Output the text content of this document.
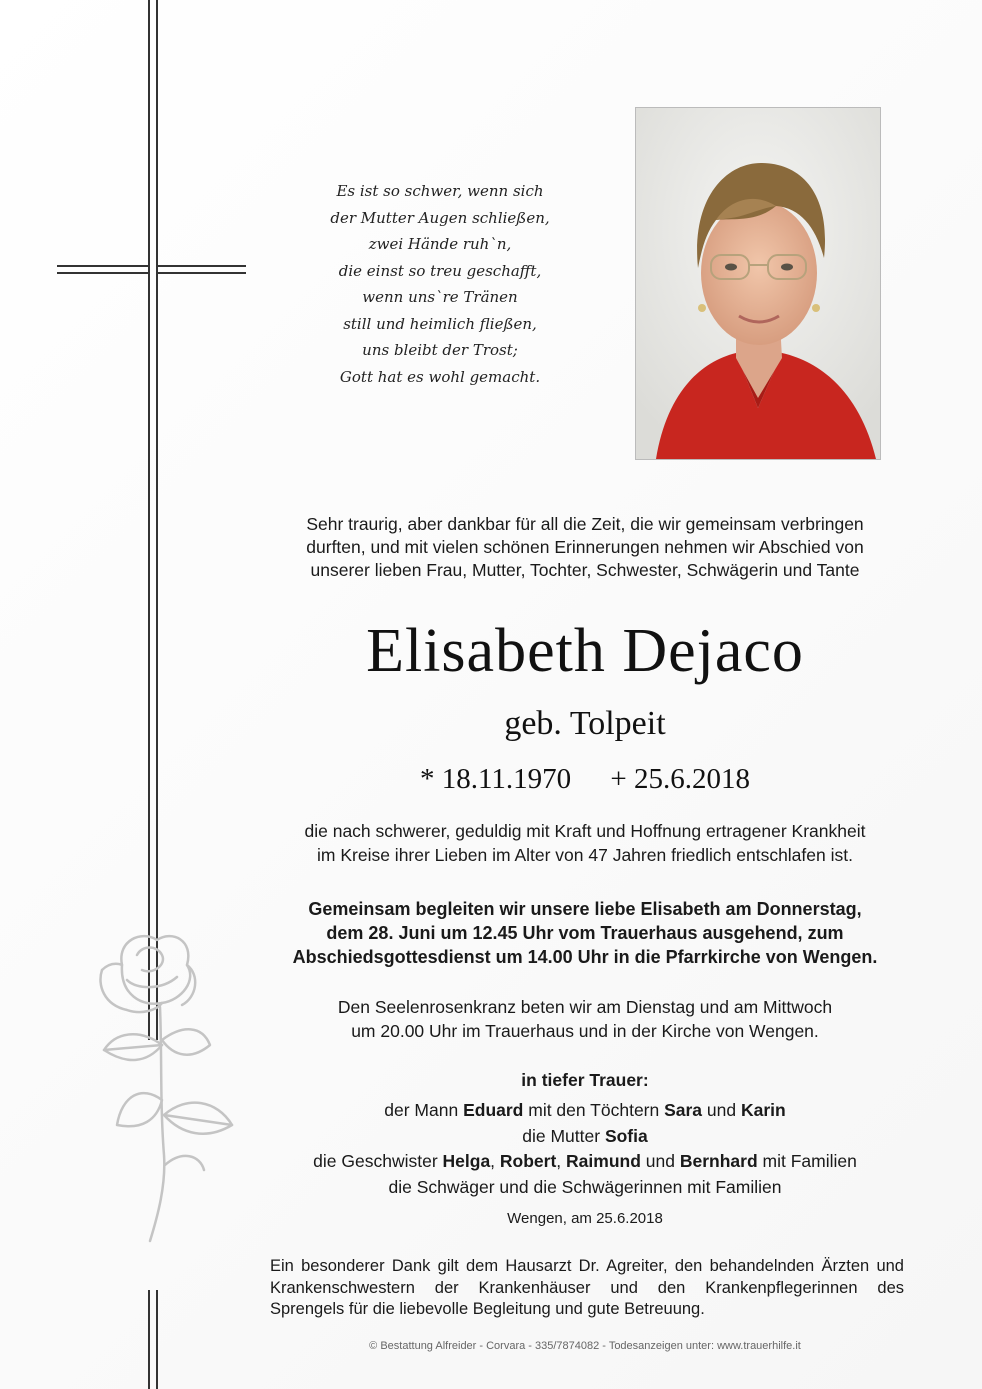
Es ist so schwer, wenn sich
der Mutter Augen schließen,
zwei Hände ruh`n,
die einst so treu geschafft,
wenn uns`re Tränen
still und heimlich fließen,
uns bleibt der Trost;
Gott hat es wohl gemacht.
Sehr traurig, aber dankbar für all die Zeit, die wir gemeinsam verbringen
durften, und mit vielen schönen Erinnerungen nehmen wir Abschied von
unserer lieben Frau, Mutter, Tochter, Schwester, Schwägerin und Tante
Elisabeth Dejaco
geb. Tolpeit
* 18.11.1970 + 25.6.2018
die nach schwerer, geduldig mit Kraft und Hoffnung ertragener Krankheit
im Kreise ihrer Lieben im Alter von 47 Jahren friedlich entschlafen ist.
Gemeinsam begleiten wir unsere liebe Elisabeth am Donnerstag,
dem 28. Juni um 12.45 Uhr vom Trauerhaus ausgehend, zum
Abschiedsgottesdienst um 14.00 Uhr in die Pfarrkirche von Wengen.
Den Seelenrosenkranz beten wir am Dienstag und am Mittwoch
um 20.00 Uhr im Trauerhaus und in der Kirche von Wengen.
in tiefer Trauer:
der Mann Eduard mit den Töchtern Sara und Karin
die Mutter Sofia
die Geschwister Helga, Robert, Raimund und Bernhard mit Familien
die Schwäger und die Schwägerinnen mit Familien
Wengen, am 25.6.2018
Ein besonderer Dank gilt dem Hausarzt Dr. Agreiter, den behandelnden Ärzten und
Krankenschwestern der Krankenhäuser und den Krankenpflegerinnen des
Sprengels für die liebevolle Begleitung und gute Betreuung.
© Bestattung Alfreider - Corvara - 335/7874082 - Todesanzeigen unter: www.trauerhilfe.it
